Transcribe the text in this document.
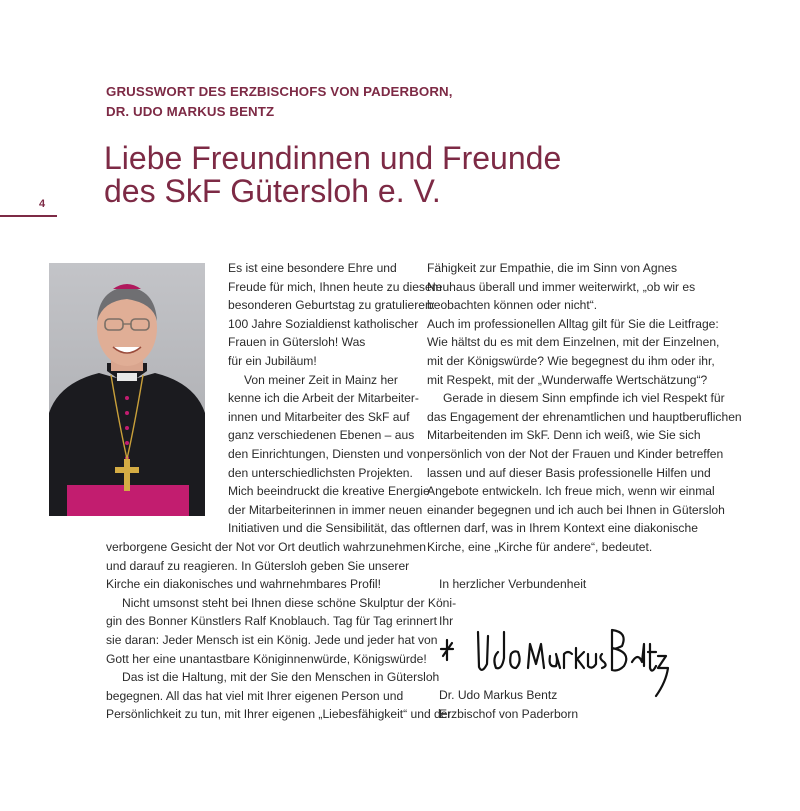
GRUSSWORT DES ERZBISCHOFS VON PADERBORN,
DR. UDO MARKUS BENTZ
Liebe Freundinnen und Freunde
des SkF Gütersloh e. V.
4
Es ist eine besondere Ehre und
Freude für mich, Ihnen heute zu diesem
besonderen Geburtstag zu gratulieren:
100 Jahre Sozialdienst katholischer
Frauen in Gütersloh! Was
für ein Jubiläum!
Von meiner Zeit in Mainz her
kenne ich die Arbeit der Mitarbeiter-
innen und Mitarbeiter des SkF auf
ganz verschiedenen Ebenen – aus
den Einrichtungen, Diensten und von
den unterschiedlichsten Projekten.
Mich beeindruckt die kreative Energie
der Mitarbeiterinnen in immer neuen
Initiativen und die Sensibilität, das oft
verborgene Gesicht der Not vor Ort deutlich wahrzunehmen
und darauf zu reagieren. In Gütersloh geben Sie unserer
Kirche ein diakonisches und wahrnehmbares Profil!
Nicht umsonst steht bei Ihnen diese schöne Skulptur der Köni-
gin des Bonner Künstlers Ralf Knoblauch. Tag für Tag erinnert
sie daran: Jeder Mensch ist ein König. Jede und jeder hat von
Gott her eine unantastbare Königinnenwürde, Königswürde!
Das ist die Haltung, mit der Sie den Menschen in Gütersloh
begegnen. All das hat viel mit Ihrer eigenen Person und
Persönlichkeit zu tun, mit Ihrer eigenen „Liebesfähigkeit“ und der
Fähigkeit zur Empathie, die im Sinn von Agnes
Neuhaus überall und immer weiterwirkt, „ob wir es
beobachten können oder nicht“.
Auch im professionellen Alltag gilt für Sie die Leitfrage:
Wie hältst du es mit dem Einzelnen, mit der Einzelnen,
mit der Königswürde? Wie begegnest du ihm oder ihr,
mit Respekt, mit der „Wunderwaffe Wertschätzung“?
Gerade in diesem Sinn empfinde ich viel Respekt für
das Engagement der ehrenamtlichen und hauptberuflichen
Mitarbeitenden im SkF. Denn ich weiß, wie Sie sich
persönlich von der Not der Frauen und Kinder betreffen
lassen und auf dieser Basis professionelle Hilfen und
Angebote entwickeln. Ich freue mich, wenn wir einmal
einander begegnen und ich auch bei Ihnen in Gütersloh
lernen darf, was in Ihrem Kontext eine diakonische
Kirche, eine „Kirche für andere“, bedeutet.
In herzlicher Verbundenheit
Ihr
Dr. Udo Markus Bentz
Erzbischof von Paderborn
